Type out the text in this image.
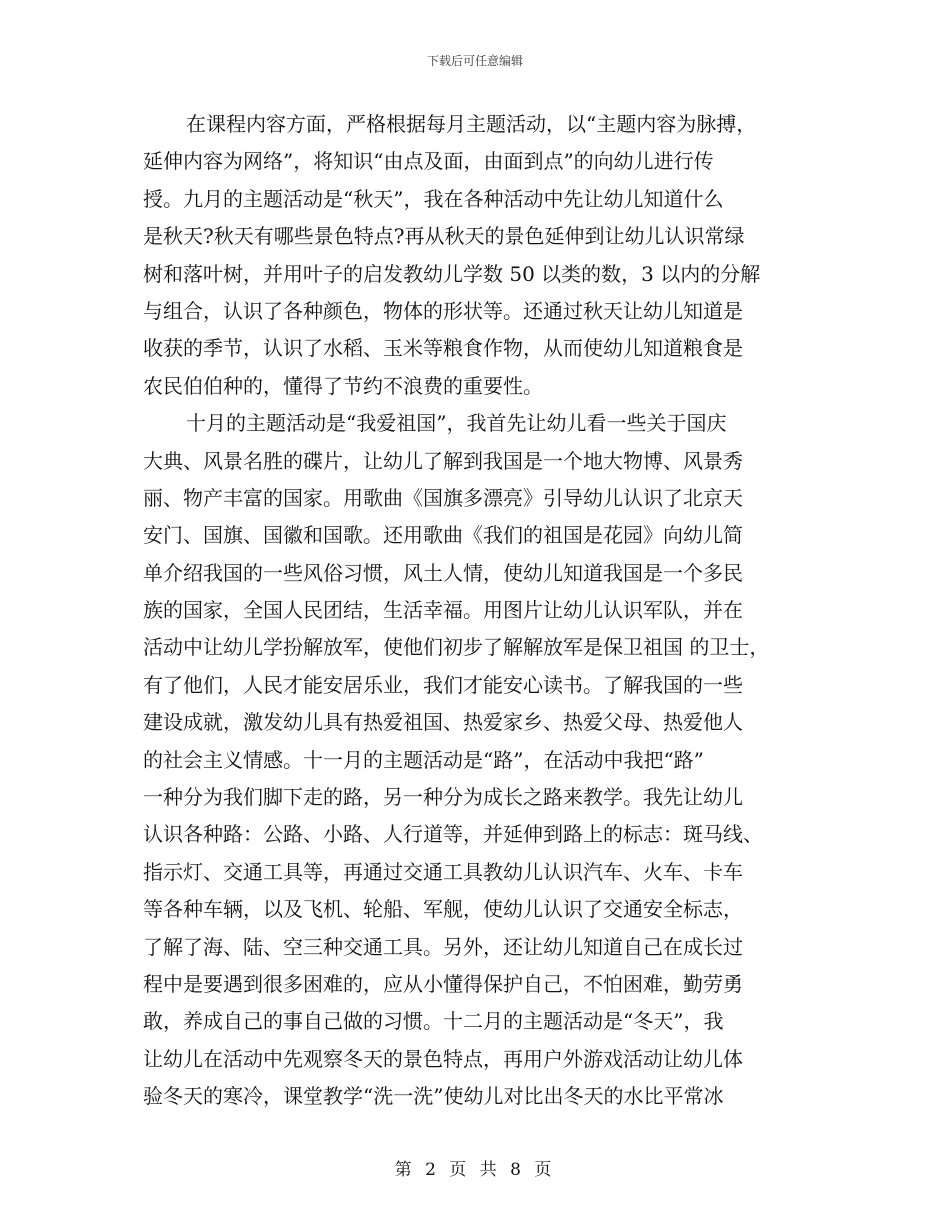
下载后可任意编辑
在课程内容方面，严格根据每月主题活动，以“主题内容为脉搏，
延伸内容为网络”，将知识“由点及面，由面到点”的向幼儿进行传
授。九月的主题活动是“秋天”，我在各种活动中先让幼儿知道什么
是秋天?秋天有哪些景色特点?再从秋天的景色延伸到让幼儿认识常绿
树和落叶树，并用叶子的启发教幼儿学数 50 以类的数，3 以内的分解
与组合，认识了各种颜色，物体的形状等。还通过秋天让幼儿知道是
收获的季节，认识了水稻、玉米等粮食作物，从而使幼儿知道粮食是
农民伯伯种的，懂得了节约不浪费的重要性。
十月的主题活动是“我爱祖国”，我首先让幼儿看一些关于国庆
大典、风景名胜的碟片，让幼儿了解到我国是一个地大物博、风景秀
丽、物产丰富的国家。用歌曲《国旗多漂亮》引导幼儿认识了北京天
安门、国旗、国徽和国歌。还用歌曲《我们的祖国是花园》向幼儿简
单介绍我国的一些风俗习惯，风土人情，使幼儿知道我国是一个多民
族的国家，全国人民团结，生活幸福。用图片让幼儿认识军队，并在
活动中让幼儿学扮解放军，使他们初步了解解放军是保卫祖国 的卫士，
有了他们，人民才能安居乐业，我们才能安心读书。了解我国的一些
建设成就，激发幼儿具有热爱祖国、热爱家乡、热爱父母、热爱他人
的社会主义情感。十一月的主题活动是“路”，在活动中我把“路”
一种分为我们脚下走的路，另一种分为成长之路来教学。我先让幼儿
认识各种路：公路、小路、人行道等，并延伸到路上的标志：斑马线、
指示灯、交通工具等，再通过交通工具教幼儿认识汽车、火车、卡车
等各种车辆，以及飞机、轮船、军舰，使幼儿认识了交通安全标志，
了解了海、陆、空三种交通工具。另外，还让幼儿知道自己在成长过
程中是要遇到很多困难的，应从小懂得保护自己，不怕困难，勤劳勇
敢，养成自己的事自己做的习惯。十二月的主题活动是“冬天”，我
让幼儿在活动中先观察冬天的景色特点，再用户外游戏活动让幼儿体
验冬天的寒冷，课堂教学“洗一洗”使幼儿对比出冬天的水比平常冰
第 2 页 共 8 页
